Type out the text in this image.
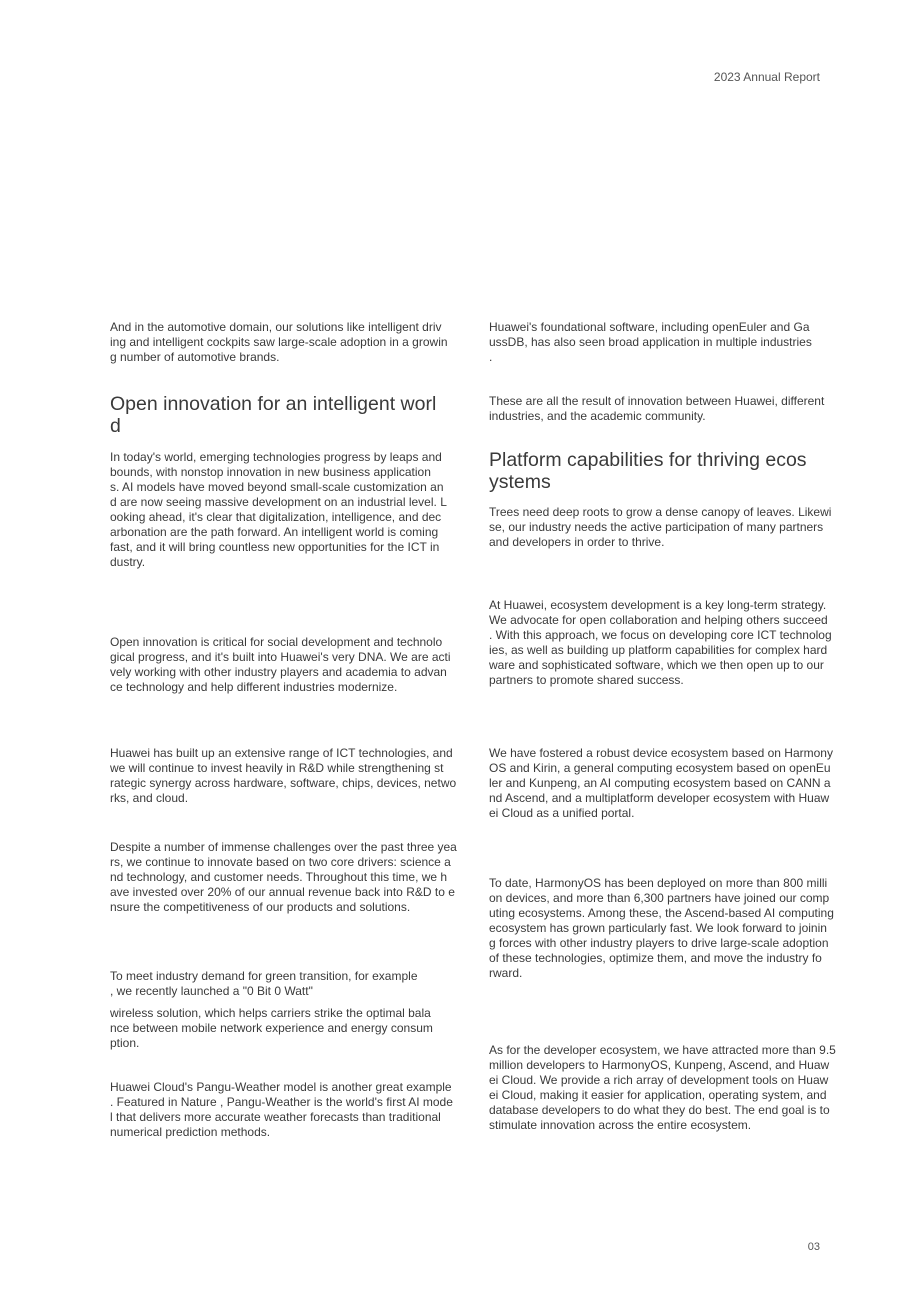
2023 Annual Report

And in the automotive domain, our solutions like intelligent driv
ing and intelligent cockpits saw large-scale adoption in a growin
g number of automotive brands.

Open innovation for an intelligent worl
d

In today's world, emerging technologies progress by leaps and
bounds, with nonstop innovation in new business application
s. AI models have moved beyond small-scale customization an
d are now seeing massive development on an industrial level. L
ooking ahead, it's clear that digitalization, intelligence, and dec
arbonation are the path forward. An intelligent world is coming
fast, and it will bring countless new opportunities for the ICT in
dustry.

Open innovation is critical for social development and technolo
gical progress, and it's built into Huawei's very DNA. We are acti
vely working with other industry players and academia to advan
ce technology and help different industries modernize.

Huawei has built up an extensive range of ICT technologies, and
we will continue to invest heavily in R&D while strengthening st
rategic synergy across hardware, software, chips, devices, netwo
rks, and cloud.

Despite a number of immense challenges over the past three yea
rs, we continue to innovate based on two core drivers: science a
nd technology, and customer needs. Throughout this time, we h
ave invested over 20% of our annual revenue back into R&D to e
nsure the competitiveness of our products and solutions.

To meet industry demand for green transition, for example
, we recently launched a "0 Bit 0 Watt"

wireless solution, which helps carriers strike the optimal bala
nce between mobile network experience and energy consum
ption.

Huawei Cloud's Pangu-Weather model is another great example
. Featured in Nature , Pangu-Weather is the world's first AI mode
l that delivers more accurate weather forecasts than traditional
numerical prediction methods.

Huawei's foundational software, including openEuler and Ga
ussDB, has also seen broad application in multiple industries
.

These are all the result of innovation between Huawei, different
industries, and the academic community.

Platform capabilities for thriving ecos
ystems

Trees need deep roots to grow a dense canopy of leaves. Likewi
se, our industry needs the active participation of many partners
and developers in order to thrive.

At Huawei, ecosystem development is a key long-term strategy.
We advocate for open collaboration and helping others succeed
. With this approach, we focus on developing core ICT technolog
ies, as well as building up platform capabilities for complex hard
ware and sophisticated software, which we then open up to our
partners to promote shared success.

We have fostered a robust device ecosystem based on Harmony
OS and Kirin, a general computing ecosystem based on openEu
ler and Kunpeng, an AI computing ecosystem based on CANN a
nd Ascend, and a multiplatform developer ecosystem with Huaw
ei Cloud as a unified portal.

To date, HarmonyOS has been deployed on more than 800 milli
on devices, and more than 6,300 partners have joined our comp
uting ecosystems. Among these, the Ascend-based AI computing
ecosystem has grown particularly fast. We look forward to joinin
g forces with other industry players to drive large-scale adoption
of these technologies, optimize them, and move the industry fo
rward.

As for the developer ecosystem, we have attracted more than 9.5
million developers to HarmonyOS, Kunpeng, Ascend, and Huaw
ei Cloud. We provide a rich array of development tools on Huaw
ei Cloud, making it easier for application, operating system, and
database developers to do what they do best. The end goal is to
stimulate innovation across the entire ecosystem.

03
